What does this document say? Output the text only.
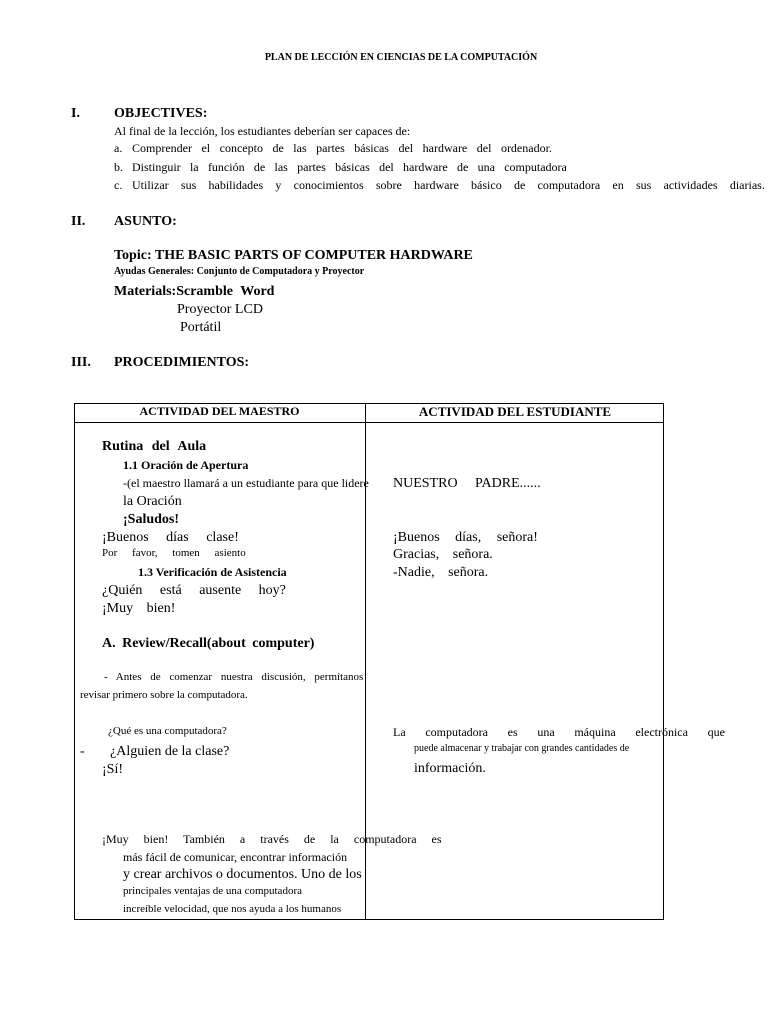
PLAN DE LECCIÓN EN CIENCIAS DE LA COMPUTACIÓN
I. OBJECTIVES:
Al final de la lección, los estudiantes deberían ser capaces de:
a. Comprender el concepto de las partes básicas del hardware del ordenador.
b. Distinguir la función de las partes básicas del hardware de una computadora
c. Utilizar sus habilidades y conocimientos sobre hardware básico de computadora en sus actividades diarias.
II. ASUNTO:
Topic: THE BASIC PARTS OF COMPUTER HARDWARE
Ayudas Generales: Conjunto de Computadora y Proyector
Materials:Scramble Word
Proyector LCD
Portátil
III. PROCEDIMIENTOS:
ACTIVIDAD DEL MAESTRO	ACTIVIDAD DEL ESTUDIANTE
Rutina del Aula
1.1 Oración de Apertura
-(el maestro llamará a un estudiante para que lidere
la Oración
¡Saludos!
¡Buenos días clase!
Por favor, tomen asiento
1.3 Verificación de Asistencia
¿Quién está ausente hoy?
¡Muy bien!
A. Review/Recall(about computer)
- Antes de comenzar nuestra discusión, permítanos
revisar primero sobre la computadora.
¿Qué es una computadora?
- ¿Alguien de la clase?
¡Sí!
¡Muy bien! También a través de la computadora es
más fácil de comunicar, encontrar información
y crear archivos o documentos. Uno de los
principales ventajas de una computadora
increíble velocidad, que nos ayuda a los humanos
NUESTRO PADRE......
¡Buenos días, señora!
Gracias, señora.
-Nadie, señora.
La computadora es una máquina electrónica que
puede almacenar y trabajar con grandes cantidades de
información.
